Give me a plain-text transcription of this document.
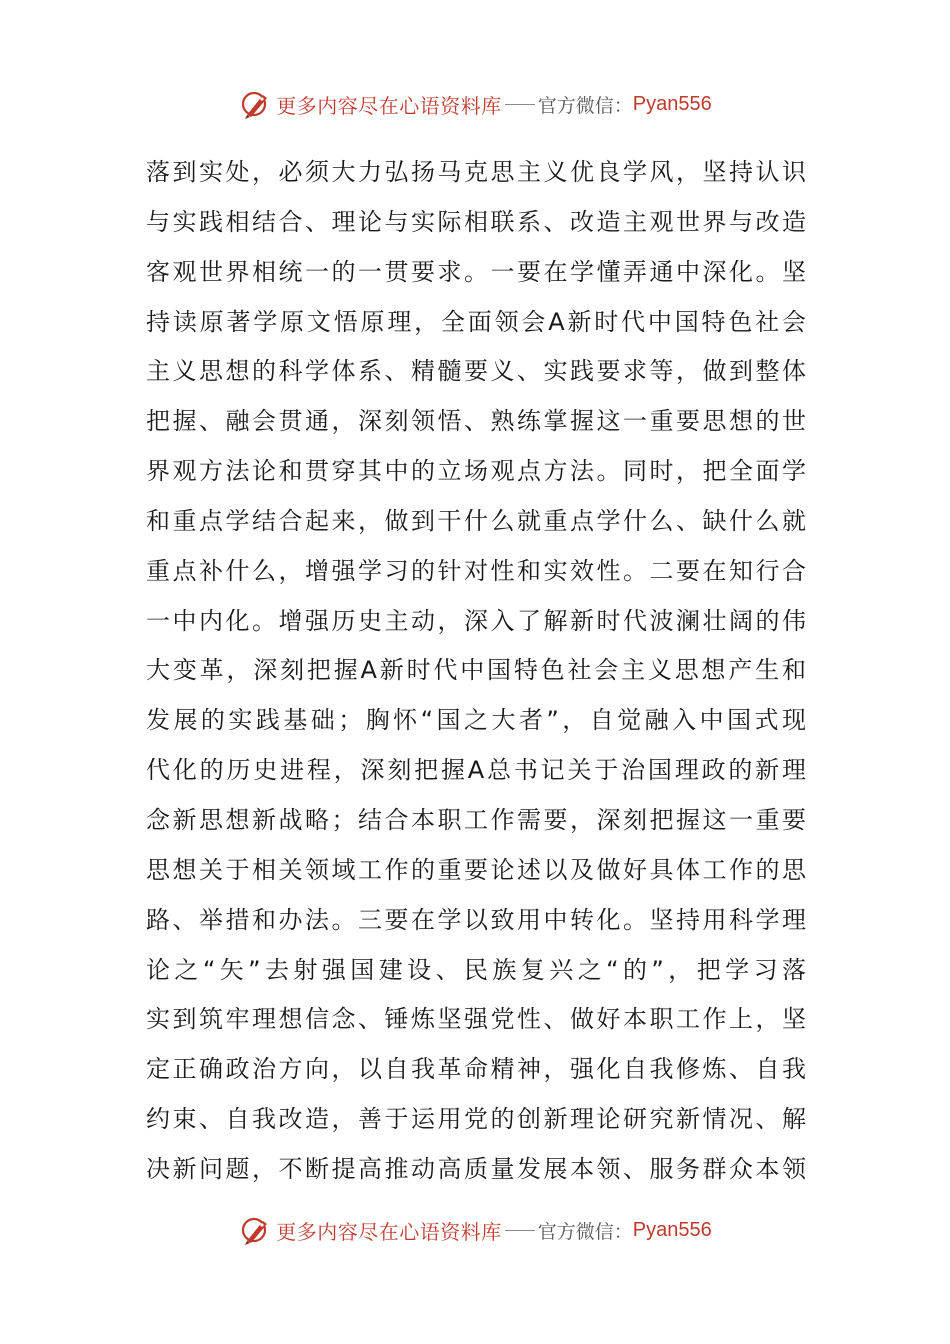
更多内容尽在心语资料库 官方微信： Pyan556
落到实处，必须大力弘扬马克思主义优良学风，坚持认识
与实践相结合、理论与实际相联系、改造主观世界与改造
客观世界相统一的一贯要求。一要在学懂弄通中深化。坚
持读原著学原文悟原理，全面领会A新时代中国特色社会
主义思想的科学体系、精髓要义、实践要求等，做到整体
把握、融会贯通，深刻领悟、熟练掌握这一重要思想的世
界观方法论和贯穿其中的立场观点方法。同时，把全面学
和重点学结合起来，做到干什么就重点学什么、缺什么就
重点补什么，增强学习的针对性和实效性。二要在知行合
一中内化。增强历史主动，深入了解新时代波澜壮阔的伟
大变革，深刻把握A新时代中国特色社会主义思想产生和
发展的实践基础；胸怀“国之大者”，自觉融入中国式现
代化的历史进程，深刻把握A总书记关于治国理政的新理
念新思想新战略；结合本职工作需要，深刻把握这一重要
思想关于相关领域工作的重要论述以及做好具体工作的思
路、举措和办法。三要在学以致用中转化。坚持用科学理
论之“矢”去射强国建设、民族复兴之“的”，把学习落
实到筑牢理想信念、锤炼坚强党性、做好本职工作上，坚
定正确政治方向，以自我革命精神，强化自我修炼、自我
约束、自我改造，善于运用党的创新理论研究新情况、解
决新问题，不断提高推动高质量发展本领、服务群众本领
更多内容尽在心语资料库 官方微信： Pyan556
